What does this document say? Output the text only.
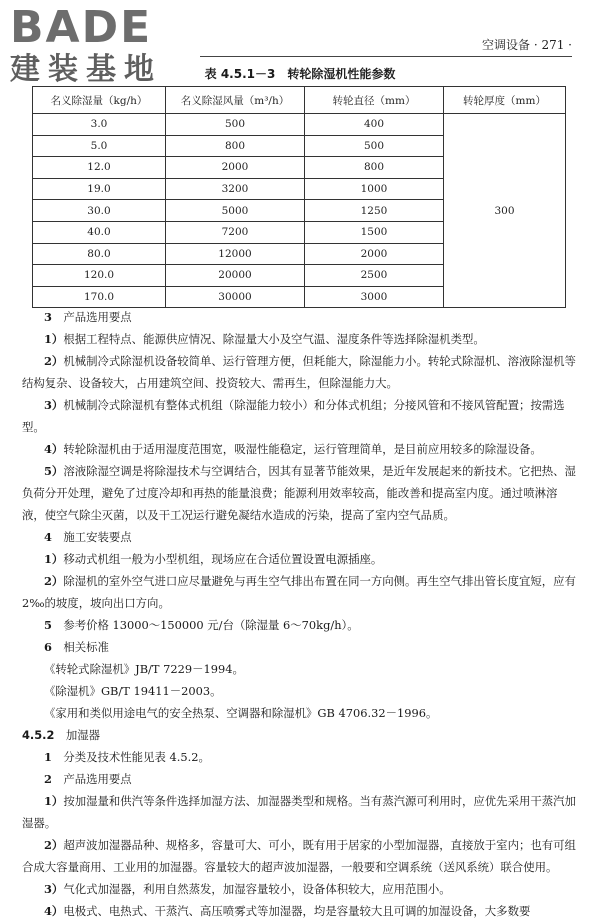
BADE
建装基地
空调设备 · 271 ·
表 4.5.1－3　转轮除湿机性能参数
名义除湿量（kg/h）	名义除湿风量（m³/h）	转轮直径（mm）	转轮厚度（mm）
3.0	500	400	300
5.0	800	500	
12.0	2000	800	
19.0	3200	1000	
30.0	5000	1250	
40.0	7200	1500	
80.0	12000	2000	
120.0	20000	2500	
170.0	30000	3000	

3　产品选用要点

1）根据工程特点、能源供应情况、除湿量大小及空气温、湿度条件等选择除湿机类型。

2）机械制冷式除湿机设备较简单、运行管理方便，但耗能大，除湿能力小。转轮式除湿机、溶液除湿机等结构复杂、设备较大，占用建筑空间、投资较大、需再生，但除湿能力大。

3）机械制冷式除湿机有整体式机组（除湿能力较小）和分体式机组；分接风管和不接风管配置；按需选型。

4）转轮除湿机由于适用湿度范围宽，吸湿性能稳定，运行管理简单，是目前应用较多的除湿设备。

5）溶液除湿空调是将除湿技术与空调结合，因其有显著节能效果，是近年发展起来的新技术。它把热、湿负荷分开处理，避免了过度冷却和再热的能量浪费；能源利用效率较高，能改善和提高室内度。通过喷淋溶液，使空气除尘灭菌，以及干工况运行避免凝结水造成的污染，提高了室内空气品质。

4　施工安装要点

1）移动式机组一般为小型机组，现场应在合适位置设置电源插座。

2）除湿机的室外空气进口应尽量避免与再生空气排出布置在同一方向侧。再生空气排出管长度宜短，应有 2‰的坡度，坡向出口方向。

5　参考价格 13000～150000 元/台（除湿量 6～70kg/h）。

6　相关标准

《转轮式除湿机》JB/T 7229－1994。

《除湿机》GB/T 19411－2003。

《家用和类似用途电气的安全热泵、空调器和除湿机》GB 4706.32－1996。

4.5.2　加湿器

1　分类及技术性能见表 4.5.2。

2　产品选用要点

1）按加湿量和供汽等条件选择加湿方法、加湿器类型和规格。当有蒸汽源可利用时，应优先采用干蒸汽加湿器。

2）超声波加湿器品种、规格多，容量可大、可小，既有用于居家的小型加湿器，直接放于室内；也有可组合成大容量商用、工业用的加湿器。容量较大的超声波加湿器，一般要和空调系统（送风系统）联合使用。

3）气化式加湿器，利用自然蒸发，加湿容量较小，设备体积较大，应用范围小。

4）电极式、电热式、干蒸汽、高压喷雾式等加湿器，均是容量较大且可调的加湿设备，大多数要
